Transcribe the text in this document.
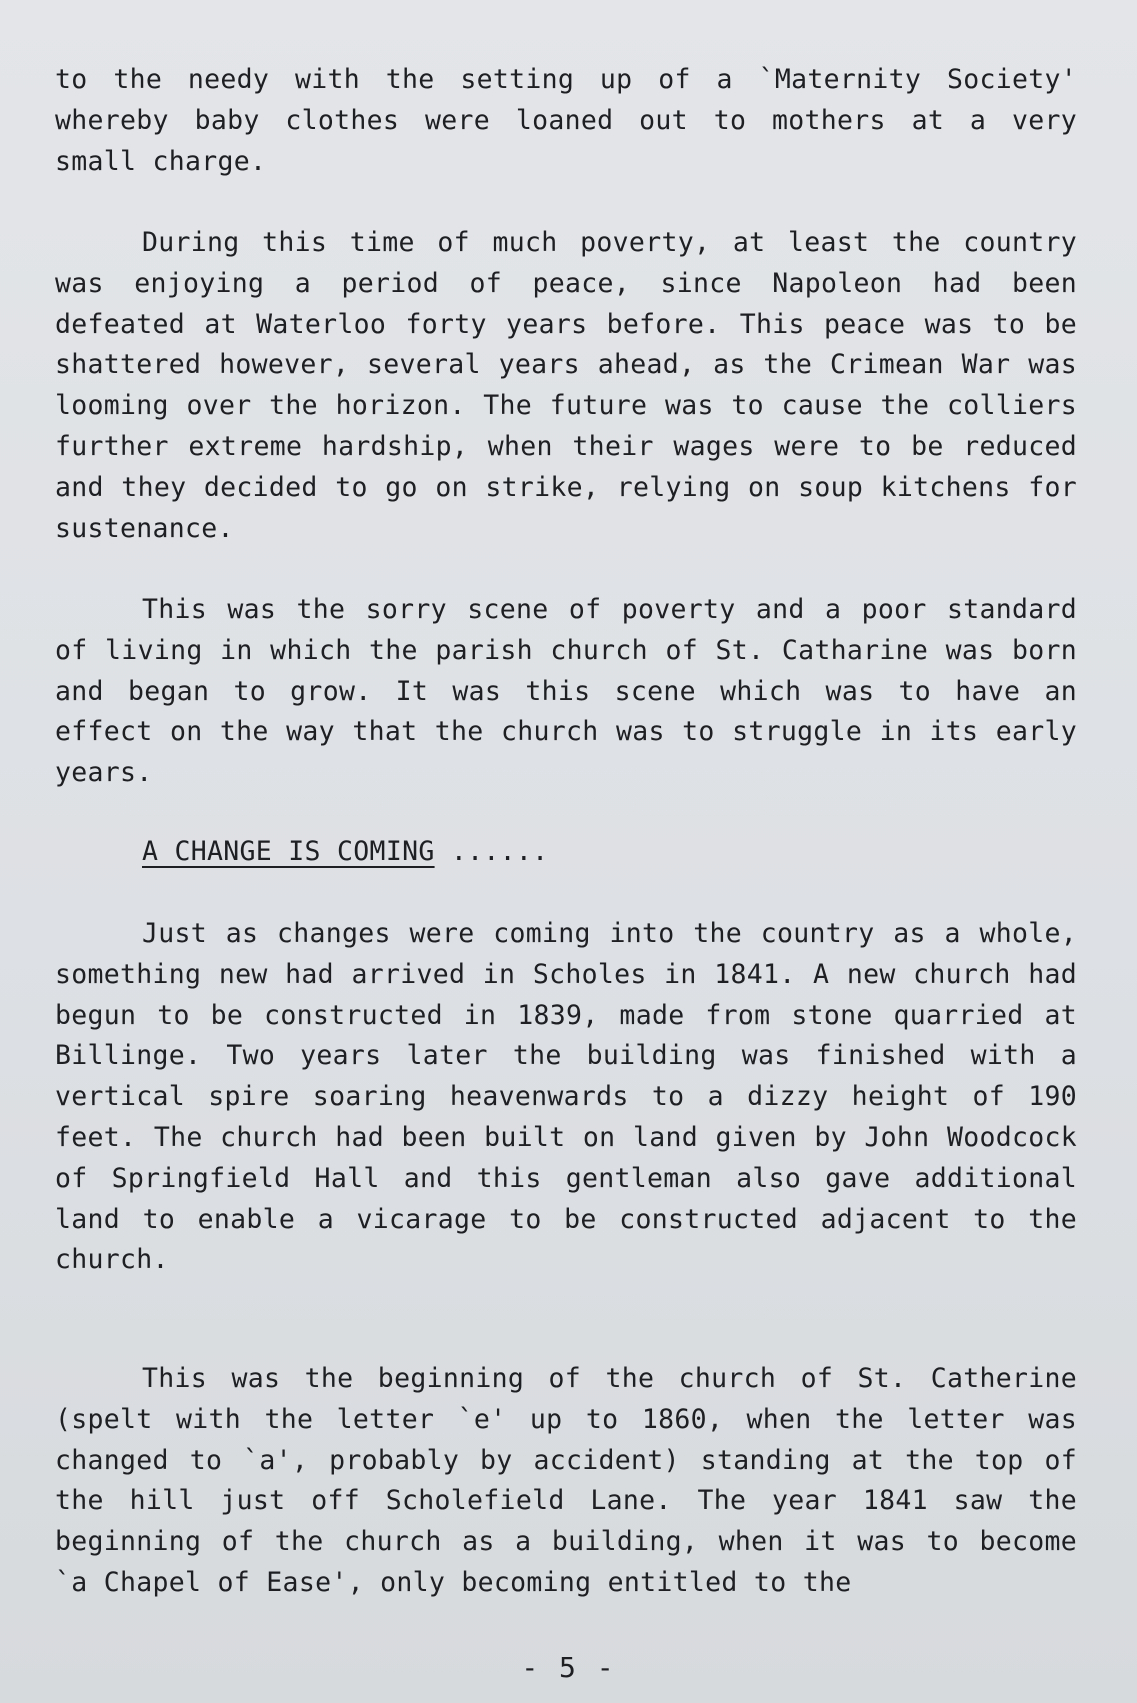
to the needy with the setting up of a `Maternity Society' whereby baby clothes were loaned out to mothers at a very small charge.

During this time of much poverty, at least the country was enjoying a period of peace, since Napoleon had been defeated at Waterloo forty years before. This peace was to be shattered however, several years ahead, as the Crimean War was looming over the horizon. The future was to cause the colliers further extreme hardship, when their wages were to be reduced and they decided to go on strike, relying on soup kitchens for sustenance.

This was the sorry scene of poverty and a poor standard of living in which the parish church of St. Catharine was born and began to grow. It was this scene which was to have an effect on the way that the church was to struggle in its early years.

A CHANGE IS COMING ......

Just as changes were coming into the country as a whole, something new had arrived in Scholes in 1841. A new church had begun to be constructed in 1839, made from stone quarried at Billinge. Two years later the building was finished with a vertical spire soaring heavenwards to a dizzy height of 190 feet. The church had been built on land given by John Woodcock of Springfield Hall and this gentleman also gave additional land to enable a vicarage to be constructed adjacent to the church.

This was the beginning of the church of St. Catherine (spelt with the letter `e' up to 1860, when the letter was changed to `a', probably by accident) standing at the top of the hill just off Scholefield Lane. The year 1841 saw the beginning of the church as a building, when it was to become `a Chapel of Ease', only becoming entitled to the

- 5 -
